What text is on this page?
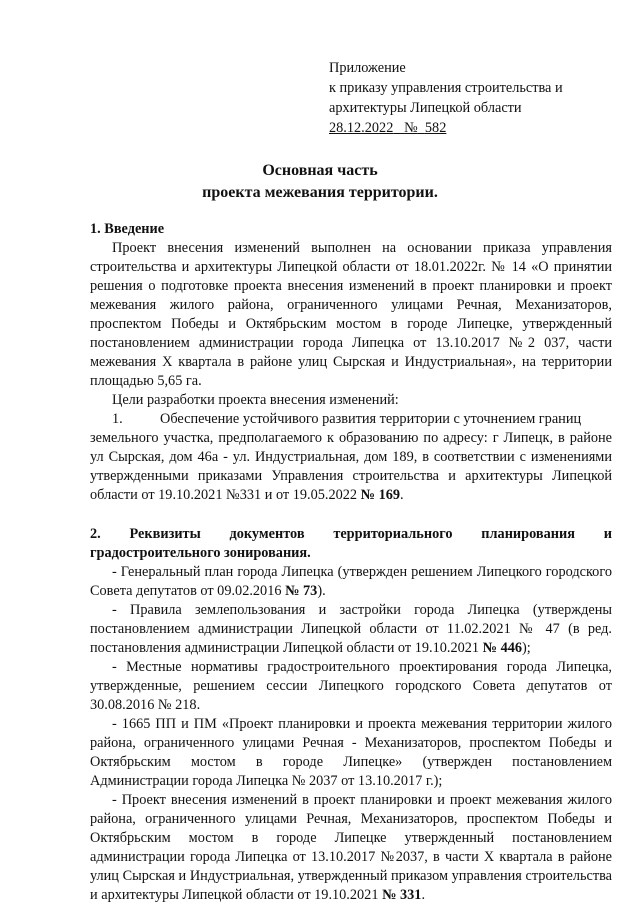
Приложение
к приказу управления строительства и
архитектуры Липецкой области
28.12.2022 № 582
Основная часть
проекта межевания территории.

1. Введение

Проект внесения изменений выполнен на основании приказа управления строительства и архитектуры Липецкой области от 18.01.2022г. № 14 «О принятии решения о подготовке проекта внесения изменений в проект планировки и проект межевания жилого района, ограниченного улицами Речная, Механизаторов, проспектом Победы и Октябрьским мостом в городе Липецке, утвержденный постановлением администрации города Липецка от 13.10.2017 №2 037, части межевания Х квартала в районе улиц Сырская и Индустриальная», на территории площадью 5,65 га.

Цели разработки проекта внесения изменений:

1.	Обеспечение устойчивого развития территории с уточнением границ

земельного участка, предполагаемого к образованию по адресу: г Липецк, в районе ул Сырская, дом 46а - ул. Индустриальная, дом 189, в соответствии с изменениями утвержденными приказами Управления строительства и архитектуры Липецкой области от 19.10.2021 №331 и от 19.05.2022 № 169.

2. Реквизиты документов территориального планирования и

градостроительного зонирования.

- Генеральный план города Липецка (утвержден решением Липецкого городского Совета депутатов от 09.02.2016 № 73).

- Правила землепользования и застройки города Липецка (утверждены постановлением администрации Липецкой области от 11.02.2021 № 47 (в ред. постановления администрации Липецкой области от 19.10.2021 № 446);

- Местные нормативы градостроительного проектирования города Липецка, утвержденные, решением сессии Липецкого городского Совета депутатов от 30.08.2016 № 218.

- 1665 ПП и ПМ «Проект планировки и проекта межевания территории жилого района, ограниченного улицами Речная - Механизаторов, проспектом Победы и Октябрьским мостом в городе Липецке» (утвержден постановлением Администрации города Липецка № 2037 от 13.10.2017 г.);

- Проект внесения изменений в проект планировки и проект межевания жилого района, ограниченного улицами Речная, Механизаторов, проспектом Победы и Октябрьским мостом в городе Липецке утвержденный постановлением администрации города Липецка от 13.10.2017 №2037, в части Х квартала в районе улиц Сырская и Индустриальная, утвержденный приказом управления строительства и архитектуры Липецкой области от 19.10.2021 № 331.
